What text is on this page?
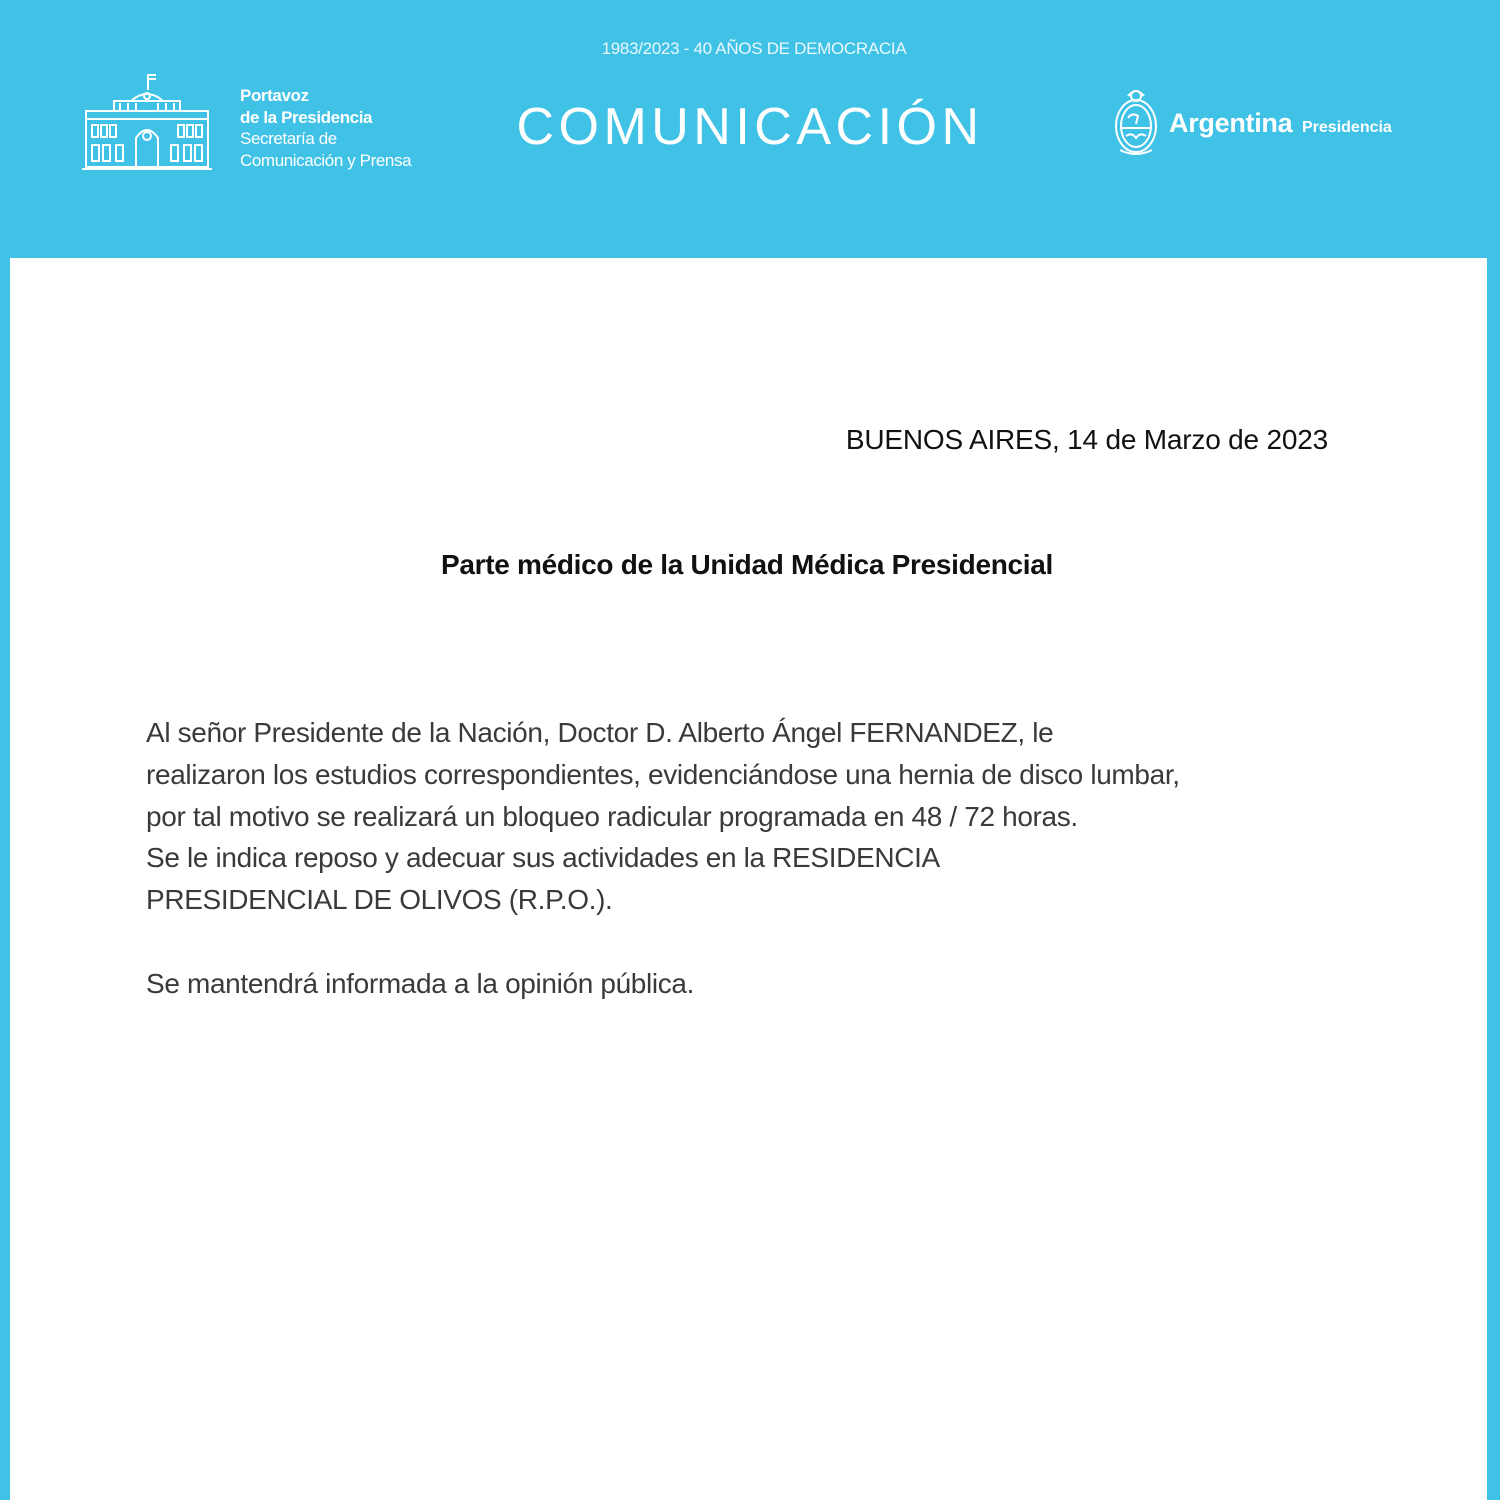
1983/2023 - 40 AÑOS DE DEMOCRACIA
COMUNICACIÓN
Portavoz
de la Presidencia
Secretaría de
Comunicación y Prensa
Argentina Presidencia
BUENOS AIRES, 14 de Marzo de 2023
Parte médico de la Unidad Médica Presidencial

Al señor Presidente de la Nación, Doctor D. Alberto Ángel FERNANDEZ, le

realizaron los estudios correspondientes, evidenciándose una hernia de disco lumbar,

por tal motivo se realizará un bloqueo radicular programada en 48 / 72 horas.

Se le indica reposo y adecuar sus actividades en la RESIDENCIA

PRESIDENCIAL DE OLIVOS (R.P.O.).

Se mantendrá informada a la opinión pública.
